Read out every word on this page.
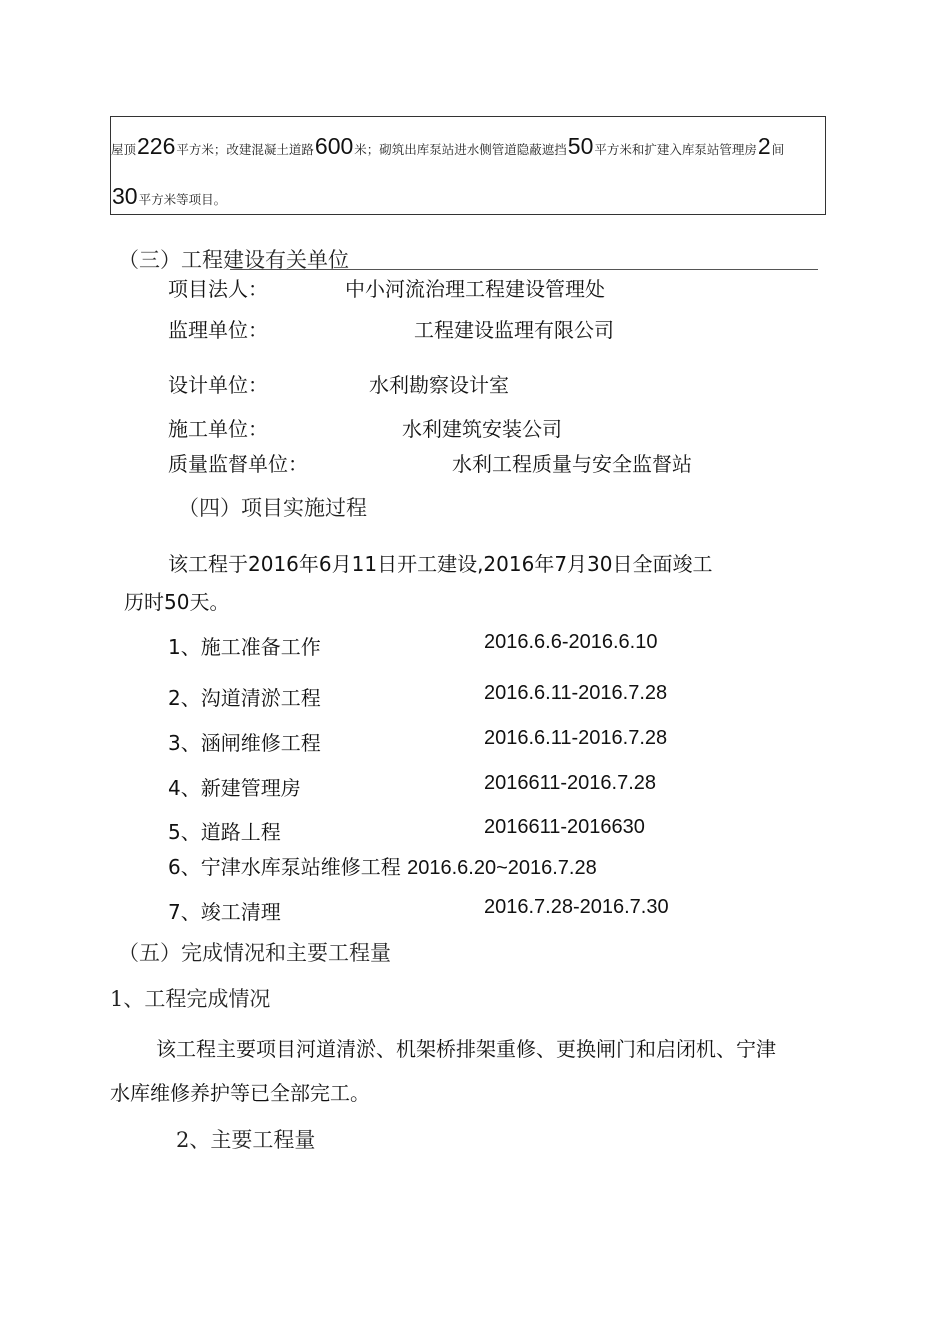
屋顶226平方米；改建混凝土道路600米；砌筑出库泵站进水侧管道隐蔽遮挡50平方米和扩建入库泵站管理房2间
30平方米等项目。
（三）工程建设有关单位
项目法人：	中小河流治理工程建设管理处
监理单位：	工程建设监理有限公司
设计单位：	水利勘察设计室
施工单位：	水利建筑安装公司
质量监督单位：	水利工程质量与安全监督站
（四）项目实施过程
该工程于2016年6月11日开工建设,2016年7月30日全面竣工
历时50天。
1、施工准备工作	2016.6.6-2016.6.10
2、沟道清淤工程	2016.6.11-2016.7.28
3、涵闸维修工程	2016.6.11-2016.7.28
4、新建管理房	2016611-2016.7.28
5、道路丄程	2016611-2016630
6、宁津水库泵站维修工程 2016.6.20~2016.7.28
7、竣工清理	2016.7.28-2016.7.30
（五）完成情况和主要工程量
1、工程完成情况
该工程主要项目河道清淤、机架桥排架重修、更换闸门和启闭机、宁津
水库维修养护等已全部完工。
2、主要工程量
